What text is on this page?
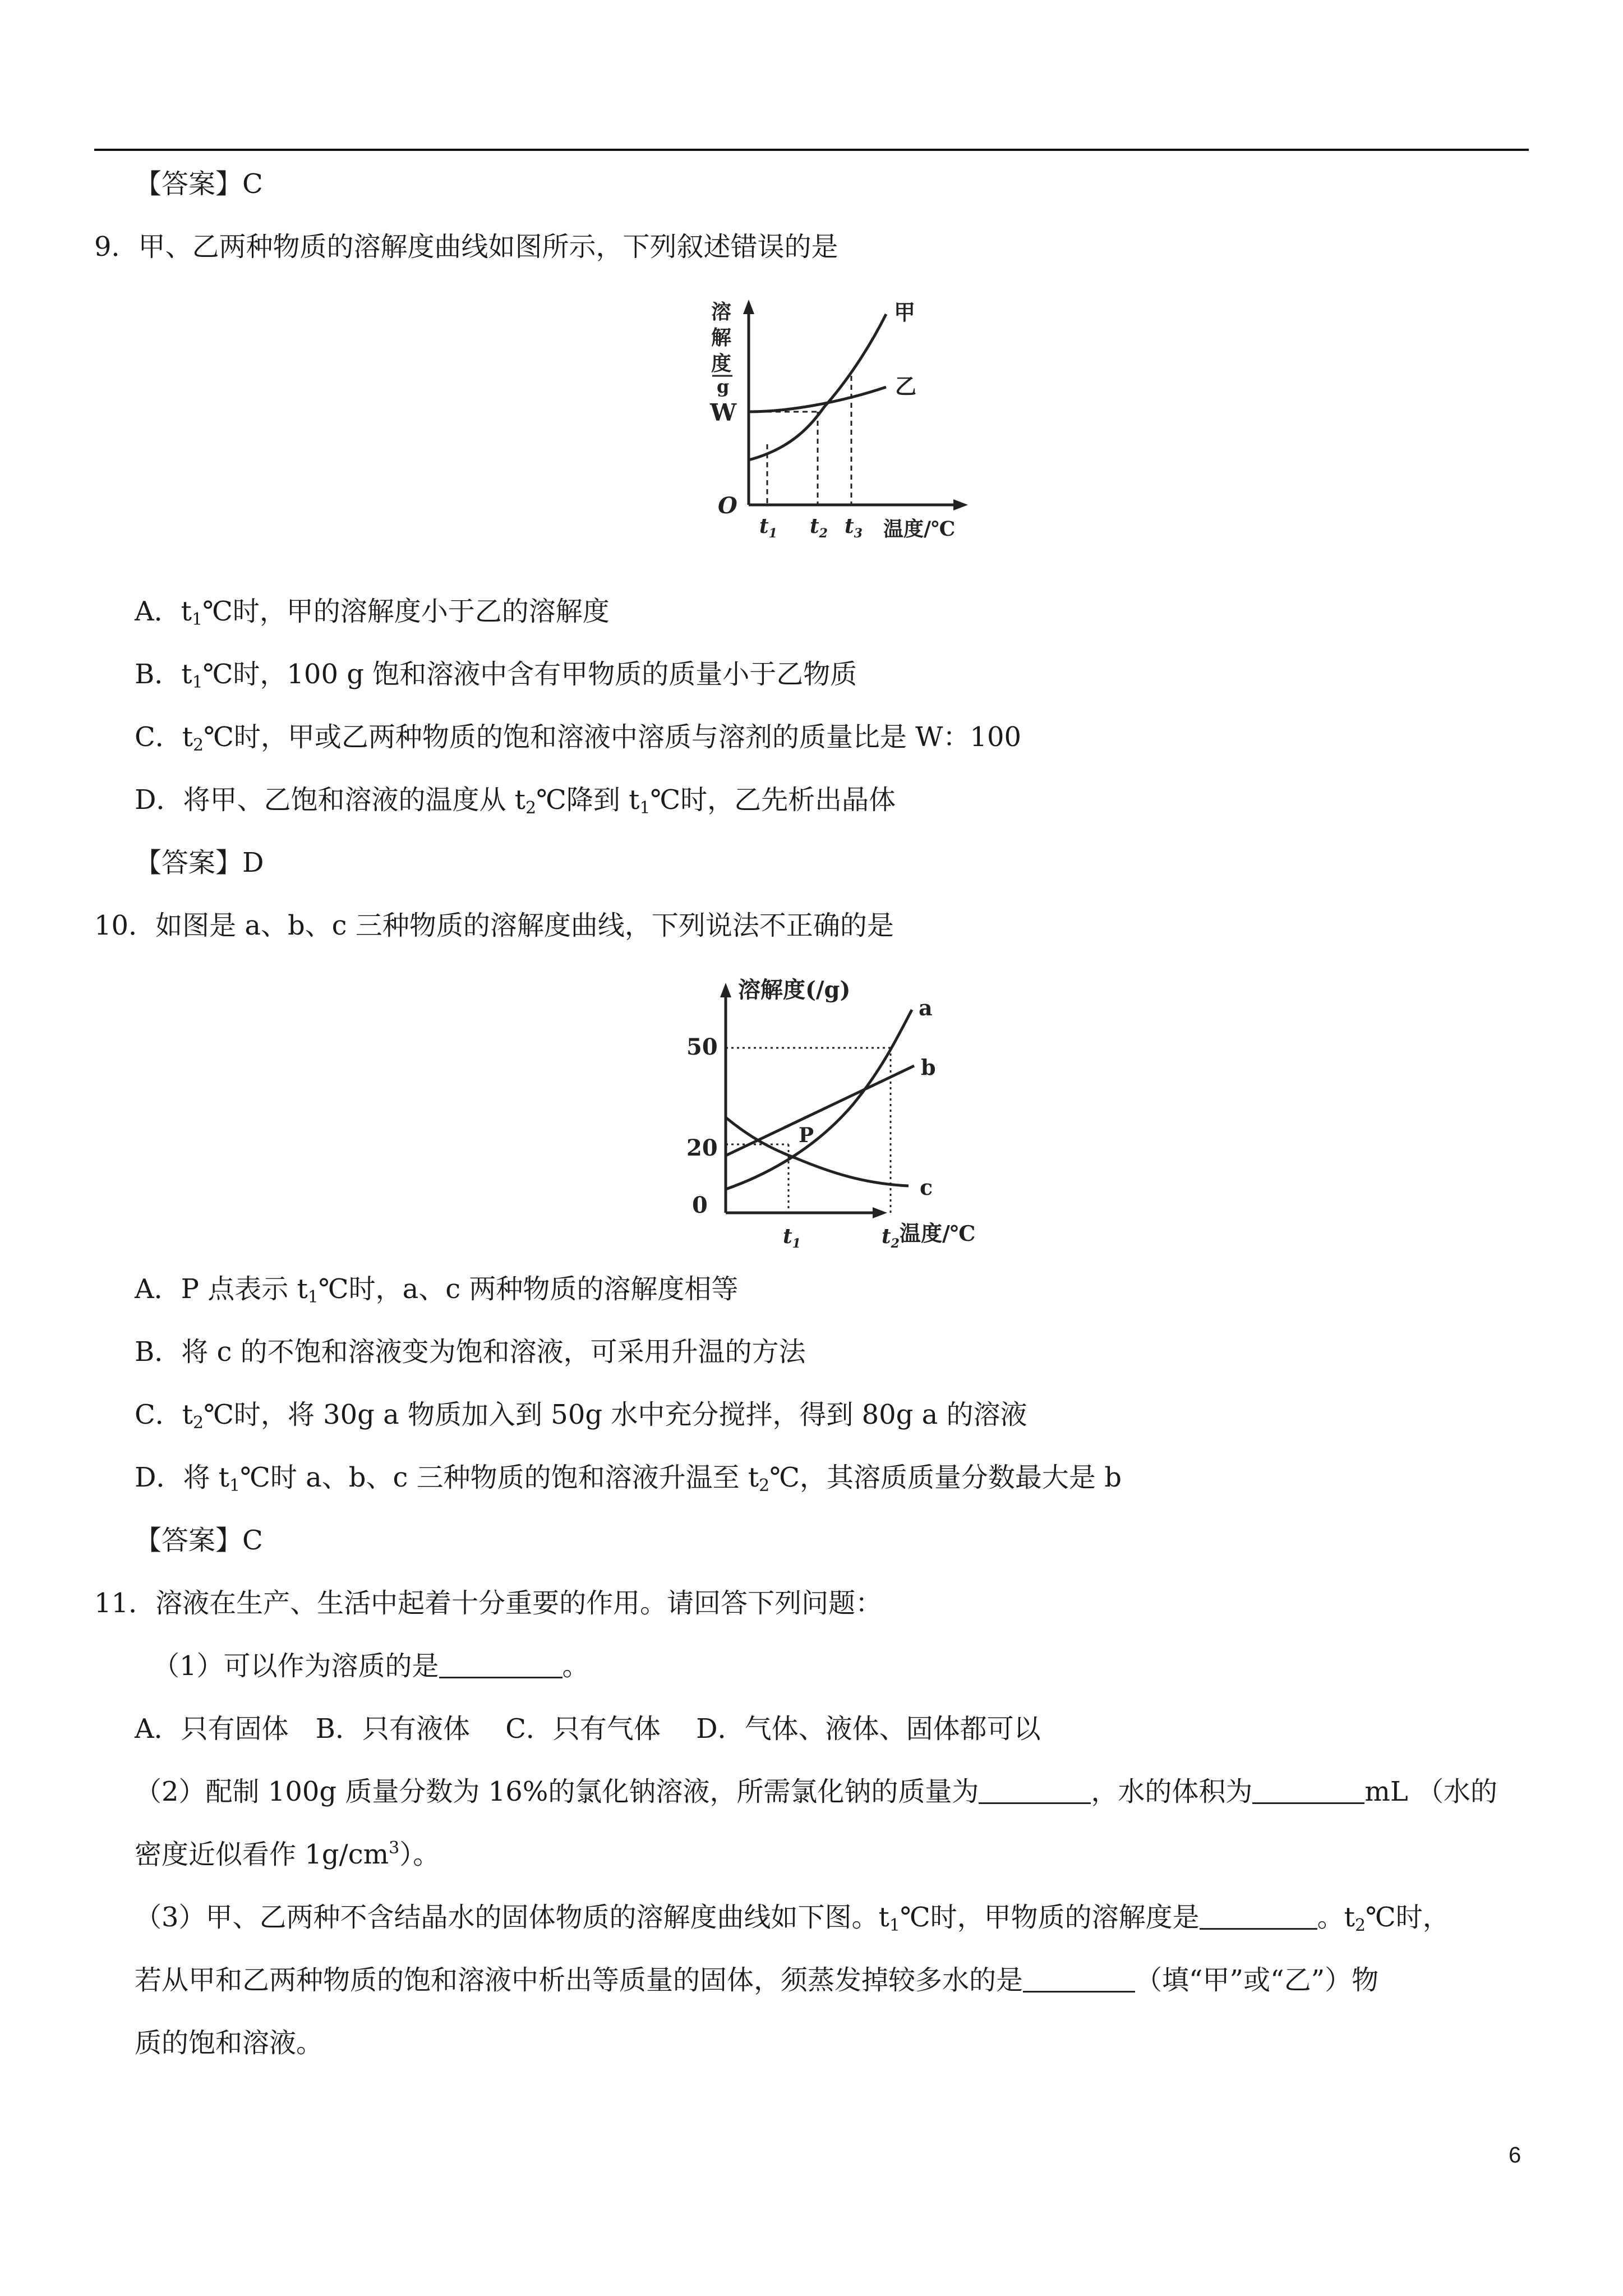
【答案】C
9．甲、乙两种物质的溶解度曲线如图所示，下列叙述错误的是
溶
解
度
g
W
O
甲
乙
$t_1$ $t_2$ $t_3$ 温度/℃
A．$t_1℃$时，甲的溶解度小于乙的溶解度
B．$t_1℃$时，100 g 饱和溶液中含有甲物质的质量小于乙物质
C．$t_2℃$时，甲或乙两种物质的饱和溶液中溶质与溶剂的质量比是 W：100
D．将甲、乙饱和溶液的温度从 $t_2℃$降到 $t_1℃$时，乙先析出晶体
【答案】D
10．如图是 a、b、c 三种物质的溶解度曲线，下列说法不正确的是
溶解度(/g)
50
20
0
P
a
b
c
$t_1$	$t_2$ 温度/℃
A．P 点表示 $t_1℃$时，a、c 两种物质的溶解度相等
B．将 c 的不饱和溶液变为饱和溶液，可采用升温的方法
C．$t_2℃$时，将 30g a 物质加入到 50g 水中充分搅拌，得到 80g a 的溶液
D．将 $t_1℃$时 a、b、c 三种物质的饱和溶液升温至 $t_2℃$，其溶质质量分数最大是 b
【答案】C
11．溶液在生产、生活中起着十分重要的作用。请回答下列问题：
（1）可以作为溶质的是	。
A．只有固体　B．只有液体　 C．只有气体　 D．气体、液体、固体都可以
（2）配制 100g 质量分数为 16%的氯化钠溶液，所需氯化钠的质量为	，水的体积为	mL （水的
密度近似看作 $1g/cm^3$）。
（3）甲、乙两种不含结晶水的固体物质的溶解度曲线如下图。$t_1℃$时，甲物质的溶解度是	。$t_2℃$时，
若从甲和乙两种物质的饱和溶液中析出等质量的固体，须蒸发掉较多水的是	（填“甲”或“乙”）物
质的饱和溶液。
6
